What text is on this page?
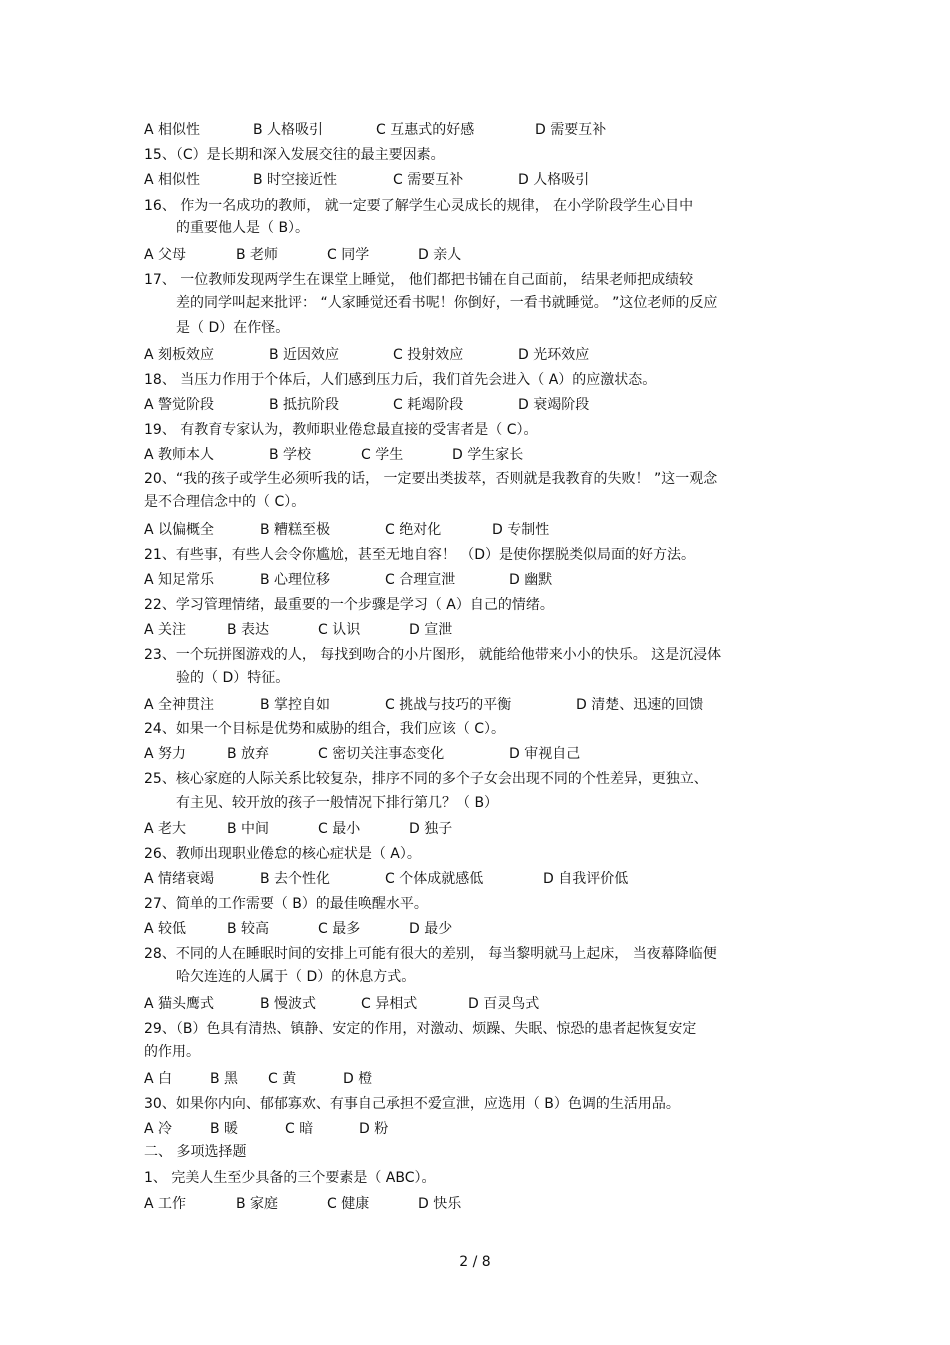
A 相似性	B 人格吸引	C 互惠式的好感	D 需要互补
15、（C）是长期和深入发展交往的最主要因素。
A 相似性	B 时空接近性	C 需要互补	D 人格吸引
16、 作为一名成功的教师， 就一定要了解学生心灵成长的规律， 在小学阶段学生心目中
的重要他人是（ B）。
A 父母	B 老师	C 同学	D 亲人
17、 一位教师发现两学生在课堂上睡觉， 他们都把书铺在自己面前， 结果老师把成绩较
差的同学叫起来批评： “人家睡觉还看书呢！你倒好，一看书就睡觉。 ”这位老师的反应
是（ D）在作怪。
A 刻板效应	B 近因效应	C 投射效应	D 光环效应
18、 当压力作用于个体后，人们感到压力后，我们首先会进入（ A）的应激状态。
A 警觉阶段	B 抵抗阶段	C 耗竭阶段	D 衰竭阶段
19、 有教育专家认为，教师职业倦怠最直接的受害者是（ C）。
A 教师本人	B 学校	C 学生	D 学生家长
20、“我的孩子或学生必须听我的话， 一定要出类拔萃，否则就是我教育的失败！ ”这一观念
是不合理信念中的（ C）。
A 以偏概全	B 糟糕至极	C 绝对化	D 专制性
21、有些事，有些人会令你尴尬，甚至无地自容！ （D）是使你摆脱类似局面的好方法。
A 知足常乐	B 心理位移	C 合理宣泄	D 幽默
22、学习管理情绪，最重要的一个步骤是学习（ A）自己的情绪。
A 关注	B 表达	C 认识	D 宣泄
23、一个玩拼图游戏的人， 每找到吻合的小片图形， 就能给他带来小小的快乐。 这是沉浸体
验的（ D）特征。
A 全神贯注	B 掌控自如	C 挑战与技巧的平衡	D 清楚、迅速的回馈
24、如果一个目标是优势和威胁的组合，我们应该（ C）。
A 努力	B 放弃	C 密切关注事态变化	D 审视自己
25、核心家庭的人际关系比较复杂，排序不同的多个子女会出现不同的个性差异，更独立、
有主见、较开放的孩子一般情况下排行第几？（ B）
A 老大	B 中间	C 最小	D 独子
26、教师出现职业倦怠的核心症状是（ A）。
A 情绪衰竭	B 去个性化	C 个体成就感低	D 自我评价低
27、简单的工作需要（ B）的最佳唤醒水平。
A 较低	B 较高	C 最多	D 最少
28、不同的人在睡眠时间的安排上可能有很大的差别， 每当黎明就马上起床， 当夜幕降临便
哈欠连连的人属于（ D）的休息方式。
A 猫头鹰式	B 慢波式	C 异相式	D 百灵鸟式
29、（B）色具有清热、镇静、安定的作用，对激动、烦躁、失眠、惊恐的患者起恢复安定
的作用。
A 白	B 黑 C 黄	D 橙
30、如果你内向、郁郁寡欢、有事自己承担不爱宣泄，应选用（ B）色调的生活用品。
A 冷	B 暖	C 暗	D 粉
二、 多项选择题
1、 完美人生至少具备的三个要素是（ ABC）。
A 工作	B 家庭	C 健康	D 快乐
2 / 8
